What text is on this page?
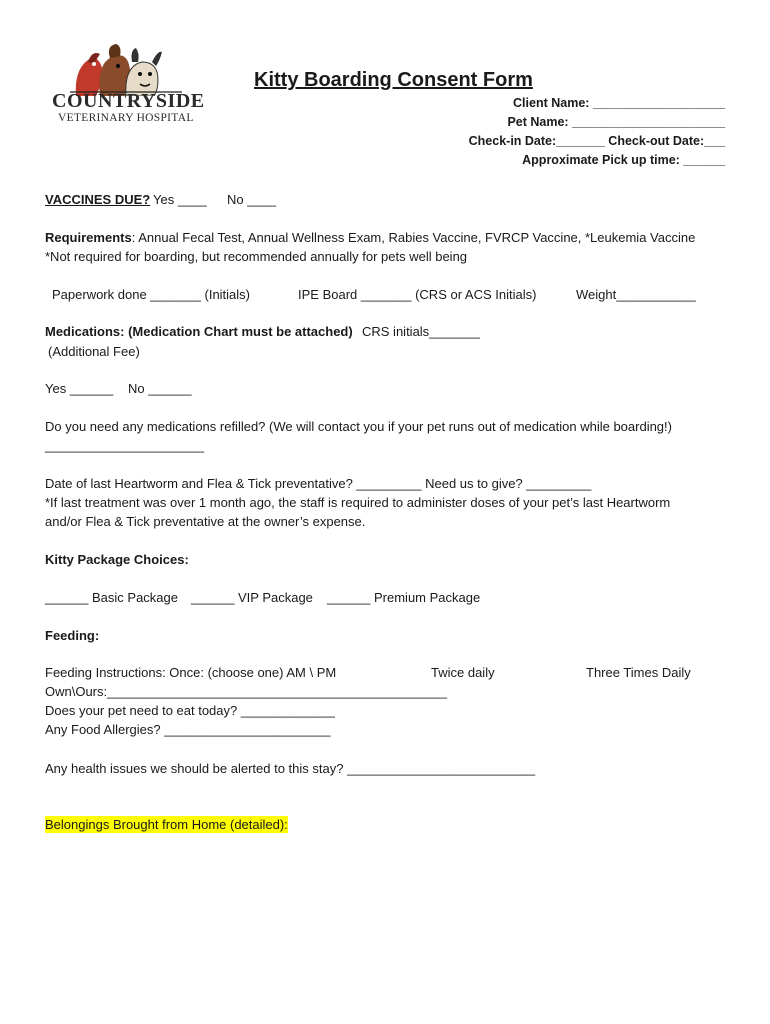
COUNTRYSIDE
VETERINARY HOSPITAL
Kitty Boarding Consent Form
Client Name: ___________________
Pet Name: ______________________
Check-in Date:_______ Check-out Date:___
Approximate Pick up time: ______
VACCINES DUE? Yes ____ No ____
Requirements: Annual Fecal Test, Annual Wellness Exam, Rabies Vaccine, FVRCP Vaccine, *Leukemia Vaccine
*Not required for boarding, but recommended annually for pets well being
Paperwork done _______ (Initials)	IPE Board _______ (CRS or ACS Initials)	Weight___________
Medications: (Medication Chart must be attached) CRS initials_______
(Additional Fee)
Yes ______ No ______
Do you need any medications refilled? (We will contact you if your pet runs out of medication while boarding!)
______________________
Date of last Heartworm and Flea & Tick preventative? _________ Need us to give? _________
*If last treatment was over 1 month ago, the staff is required to administer doses of your pet’s last Heartworm
and/or Flea & Tick preventative at the owner’s expense.
Kitty Package Choices:
______ Basic Package ______ VIP Package ______ Premium Package
Feeding:
Feeding Instructions: Once: (choose one) AM \ PM	Twice daily	Three Times Daily
Own\Ours:_______________________________________________
Does your pet need to eat today? _____________
Any Food Allergies? _______________________
Any health issues we should be alerted to this stay? __________________________
Belongings Brought from Home (detailed):
